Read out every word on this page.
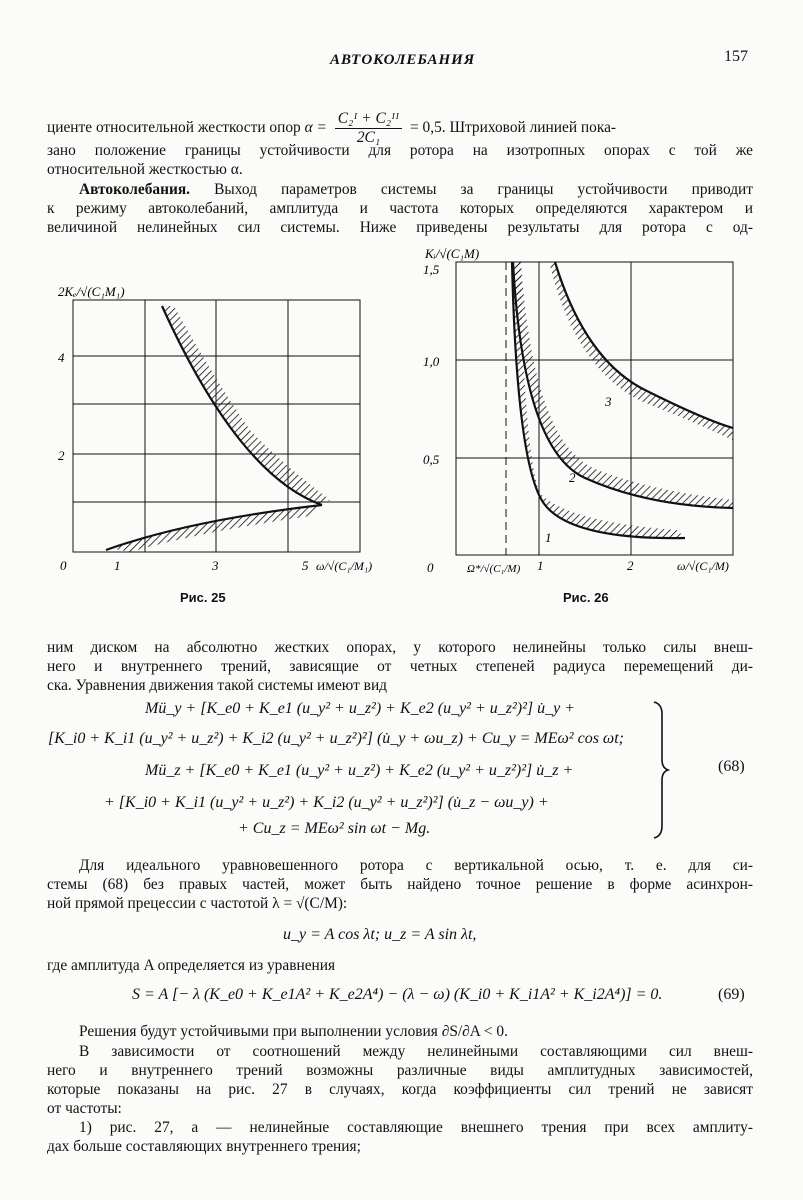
АВТОКОЛЕБАНИЯ	157
циенте относительной жесткости опор $\alpha = \frac{\text{C₂ᴵ + C₂ᴵᴵ}}{\text{2C₁}} = 0,5$. Штриховой линией пока-
зано положение границы устойчивости для ротора на изотропных опорах с той же
относительной жесткостью α.
Автоколебания. Выход параметров системы за границы устойчивости приводит
к режиму автоколебаний, амплитуда и частота которых определяются характером и
величиной нелинейных сил системы. Ниже приведены результаты для ротора с од-
2Kₑ/√(C₁M₁)
4
2
0	1	3	5 ω/√(C₁/M₁)
Рис. 25
Kᵢ/√(C₁M)
1,5
1,0
0,5
0	Ω*/√(C₁/M) 1	2	ω/√(C₁/M)
1
2
3
Рис. 26
ним диском на абсолютно жестких опорах, у которого нелинейны только силы внеш-
него и внутреннего трений, зависящие от четных степеней радиуса перемещений ди-
ска. Уравнения движения такой системы имеют вид
Mü_y + [K_e0 + K_e1 (u_y² + u_z²) + K_e2 (u_y² + u_z²)²] u̇_y +
[K_i0 + K_i1 (u_y² + u_z²) + K_i2 (u_y² + u_z²)²] (u̇_y + ωu_z) + Cu_y = MEω² cos ωt;
Mü_z + [K_e0 + K_e1 (u_y² + u_z²) + K_e2 (u_y² + u_z²)²] u̇_z +
+ [K_i0 + K_i1 (u_y² + u_z²) + K_i2 (u_y² + u_z²)²] (u̇_z − ωu_y) +
+ Cu_z = MEω² sin ωt − Mg.
(68)
Для идеального уравновешенного ротора с вертикальной осью, т. е. для си-
стемы (68) без правых частей, может быть найдено точное решение в форме асинхрон-
ной прямой прецессии с частотой λ = √(C/M):
u_y = A cos λt; u_z = A sin λt,
где амплитуда A определяется из уравнения
S = A [− λ (K_e0 + K_e1A² + K_e2A⁴) − (λ − ω) (K_i0 + K_i1A² + K_i2A⁴)] = 0.	(69)
Решения будут устойчивыми при выполнении условия ∂S/∂A < 0.
В зависимости от соотношений между нелинейными составляющими сил внеш-
него и внутреннего трений возможны различные виды амплитудных зависимостей,
которые показаны на рис. 27 в случаях, когда коэффициенты сил трений не зависят
от частоты:
1) рис. 27, а — нелинейные составляющие внешнего трения при всех амплиту-
дах больше составляющих внутреннего трения;
